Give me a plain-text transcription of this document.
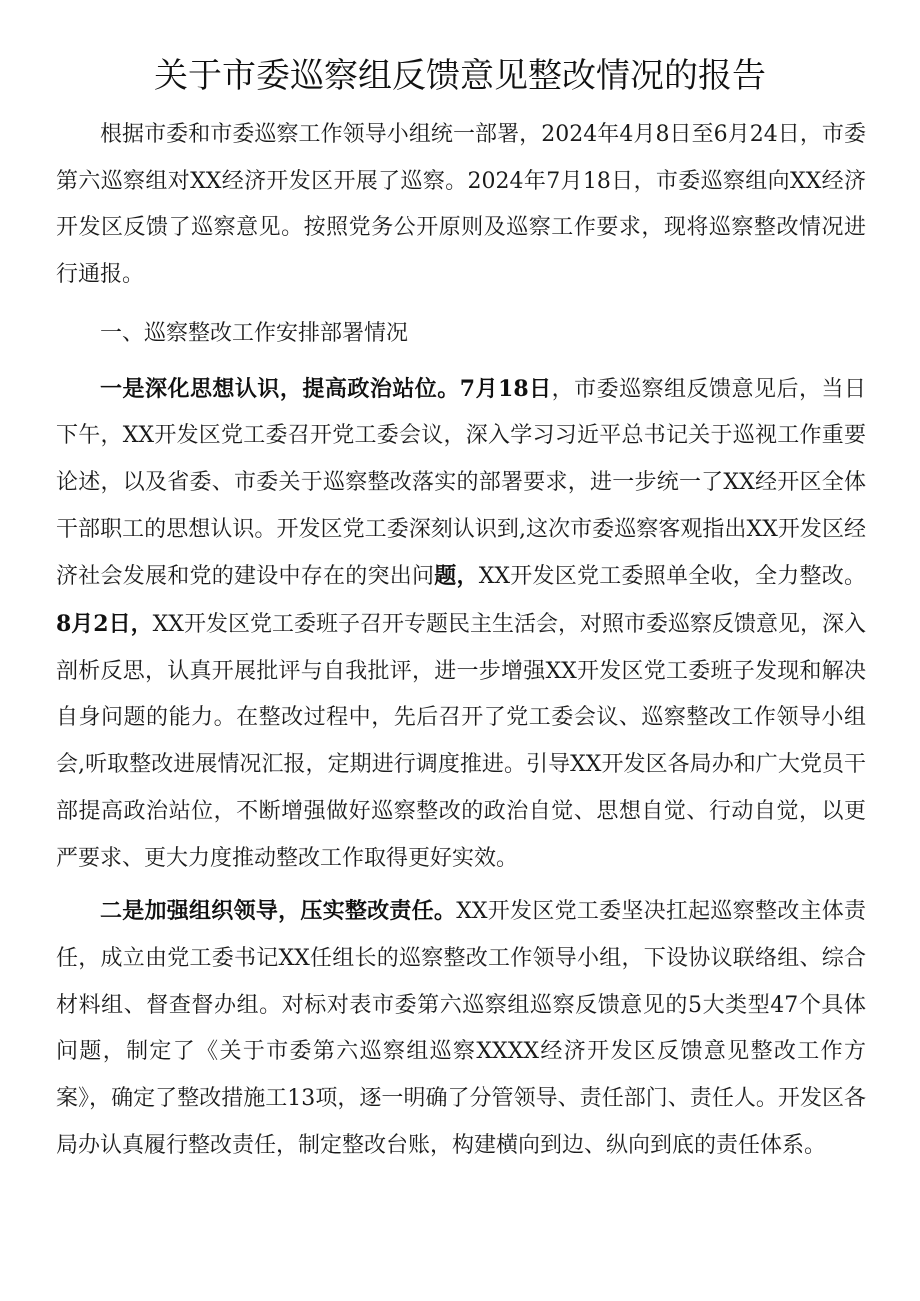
关于市委巡察组反馈意见整改情况的报告

根据市委和市委巡察工作领导小组统一部署，2024年4月8日至6月24日，市委第六巡察组对XX经济开发区开展了巡察。2024年7月18日，市委巡察组向XX经济开发区反馈了巡察意见。按照党务公开原则及巡察工作要求，现将巡察整改情况进行通报。

一、巡察整改工作安排部署情况

一是深化思想认识，提高政治站位。7月18日，市委巡察组反馈意见后，当日下午，XX开发区党工委召开党工委会议，深入学习习近平总书记关于巡视工作重要论述，以及省委、市委关于巡察整改落实的部署要求，进一步统一了XX经开区全体干部职工的思想认识。开发区党工委深刻认识到,这次市委巡察客观指出XX开发区经济社会发展和党的建设中存在的突出问题，XX开发区党工委照单全收，全力整改。8月2日，XX开发区党工委班子召开专题民主生活会，对照市委巡察反馈意见，深入剖析反思，认真开展批评与自我批评，进一步增强XX开发区党工委班子发现和解决自身问题的能力。在整改过程中，先后召开了党工委会议、巡察整改工作领导小组会,听取整改进展情况汇报，定期进行调度推进。引导XX开发区各局办和广大党员干部提高政治站位，不断增强做好巡察整改的政治自觉、思想自觉、行动自觉，以更严要求、更大力度推动整改工作取得更好实效。

二是加强组织领导，压实整改责任。XX开发区党工委坚决扛起巡察整改主体责任，成立由党工委书记XX任组长的巡察整改工作领导小组，下设协议联络组、综合材料组、督查督办组。对标对表市委第六巡察组巡察反馈意见的5大类型47个具体问题，制定了《关于市委第六巡察组巡察XXXX经济开发区反馈意见整改工作方案》，确定了整改措施工13项，逐一明确了分管领导、责任部门、责任人。开发区各局办认真履行整改责任，制定整改台账，构建横向到边、纵向到底的责任体系。
